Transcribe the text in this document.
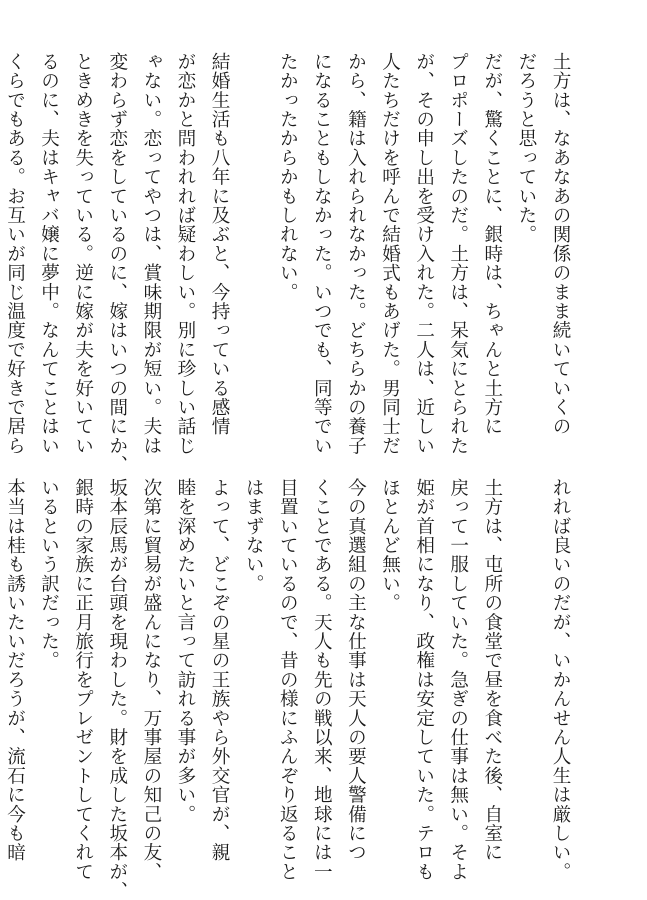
土方は、なあなあの関係のまま続いていくの
だろうと思っていた。
だが、驚くことに、銀時は、ちゃんと土方に
プロポーズしたのだ。土方は、呆気にとられた
が、その申し出を受け入れた。二人は、近しい
人たちだけを呼んで結婚式もあげた。男同士だ
から、籍は入れられなかった。どちらかの養子
になることもしなかった。いつでも、同等でい
たかったからかもしれない。
結婚生活も八年に及ぶと、今持っている感情
が恋かと問われれば疑わしい。別に珍しい話じ
ゃない。恋ってやつは、賞味期限が短い。夫は
変わらず恋をしているのに、嫁はいつの間にか、
ときめきを失っている。逆に嫁が夫を好いてい
るのに、夫はキャバ嬢に夢中。なんてことはい
くらでもある。お互いが同じ温度で好きで居ら
れれば良いのだが、いかんせん人生は厳しい。
土方は、屯所の食堂で昼を食べた後、自室に
戻って一服していた。急ぎの仕事は無い。そよ
姫が首相になり、政権は安定していた。テロも
ほとんど無い。
今の真選組の主な仕事は天人の要人警備につ
くことである。天人も先の戦以来、地球には一
目置いているので、昔の様にふんぞり返ること
はまずない。
よって、どこぞの星の王族やら外交官が、親
睦を深めたいと言って訪れる事が多い。
次第に貿易が盛んになり、万事屋の知己の友、
坂本辰馬が台頭を現わした。財を成した坂本が、
銀時の家族に正月旅行をプレゼントしてくれて
いるという訳だった。
本当は桂も誘いたいだろうが、流石に今も暗
